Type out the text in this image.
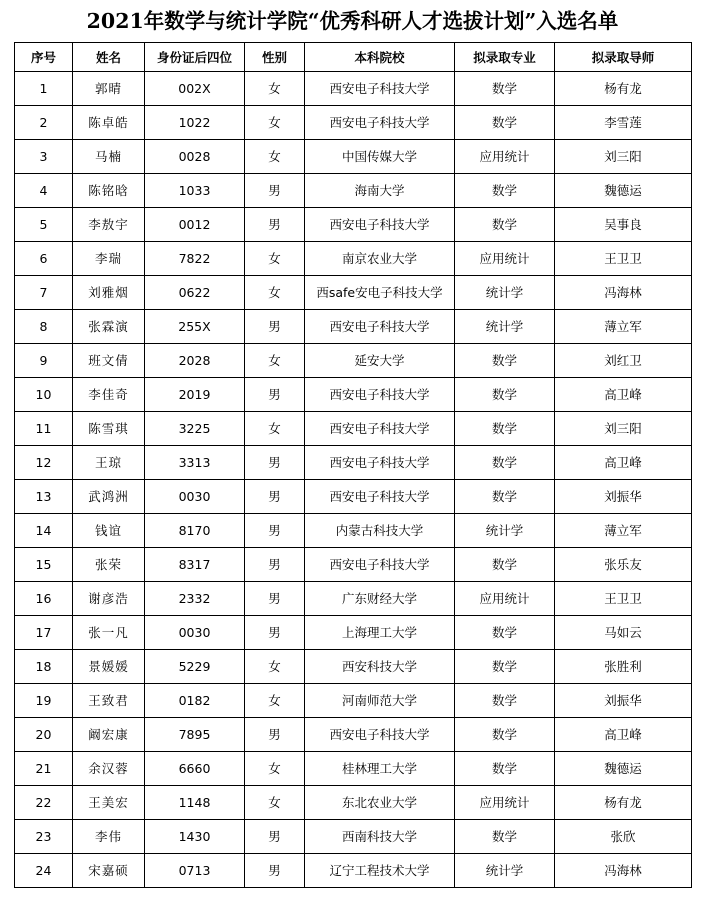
2021年数学与统计学院“优秀科研人才选拔计划”入选名单
序号	姓名	身份证后四位	性别	本科院校	拟录取专业	拟录取导师
1	郭晴	002X	女	西安电子科技大学	数学	杨有龙
2	陈卓皓	1022	女	西安电子科技大学	数学	李雪莲
3	马楠	0028	女	中国传媒大学	应用统计	刘三阳
4	陈铭晗	1033	男	海南大学	数学	魏德运
5	李敖宇	0012	男	西安电子科技大学	数学	吴事良
6	李瑞	7822	女	南京农业大学	应用统计	王卫卫
7	刘雅烟	0622	女	西safe安电子科技大学	统计学	冯海林
8	张霖演	255X	男	西安电子科技大学	统计学	薄立军
9	班文倩	2028	女	延安大学	数学	刘红卫
10	李佳奇	2019	男	西安电子科技大学	数学	高卫峰
11	陈雪琪	3225	女	西安电子科技大学	数学	刘三阳
12	王琼	3313	男	西安电子科技大学	数学	高卫峰
13	武鸿洲	0030	男	西安电子科技大学	数学	刘振华
14	钱谊	8170	男	内蒙古科技大学	统计学	薄立军
15	张荣	8317	男	西安电子科技大学	数学	张乐友
16	谢彦浩	2332	男	广东财经大学	应用统计	王卫卫
17	张一凡	0030	男	上海理工大学	数学	马如云
18	景媛媛	5229	女	西安科技大学	数学	张胜利
19	王致君	0182	女	河南师范大学	数学	刘振华
20	阚宏康	7895	男	西安电子科技大学	数学	高卫峰
21	余汉蓉	6660	女	桂林理工大学	数学	魏德运
22	王美宏	1148	女	东北农业大学	应用统计	杨有龙
23	李伟	1430	男	西南科技大学	数学	张欣
24	宋嘉硕	0713	男	辽宁工程技术大学	统计学	冯海林
